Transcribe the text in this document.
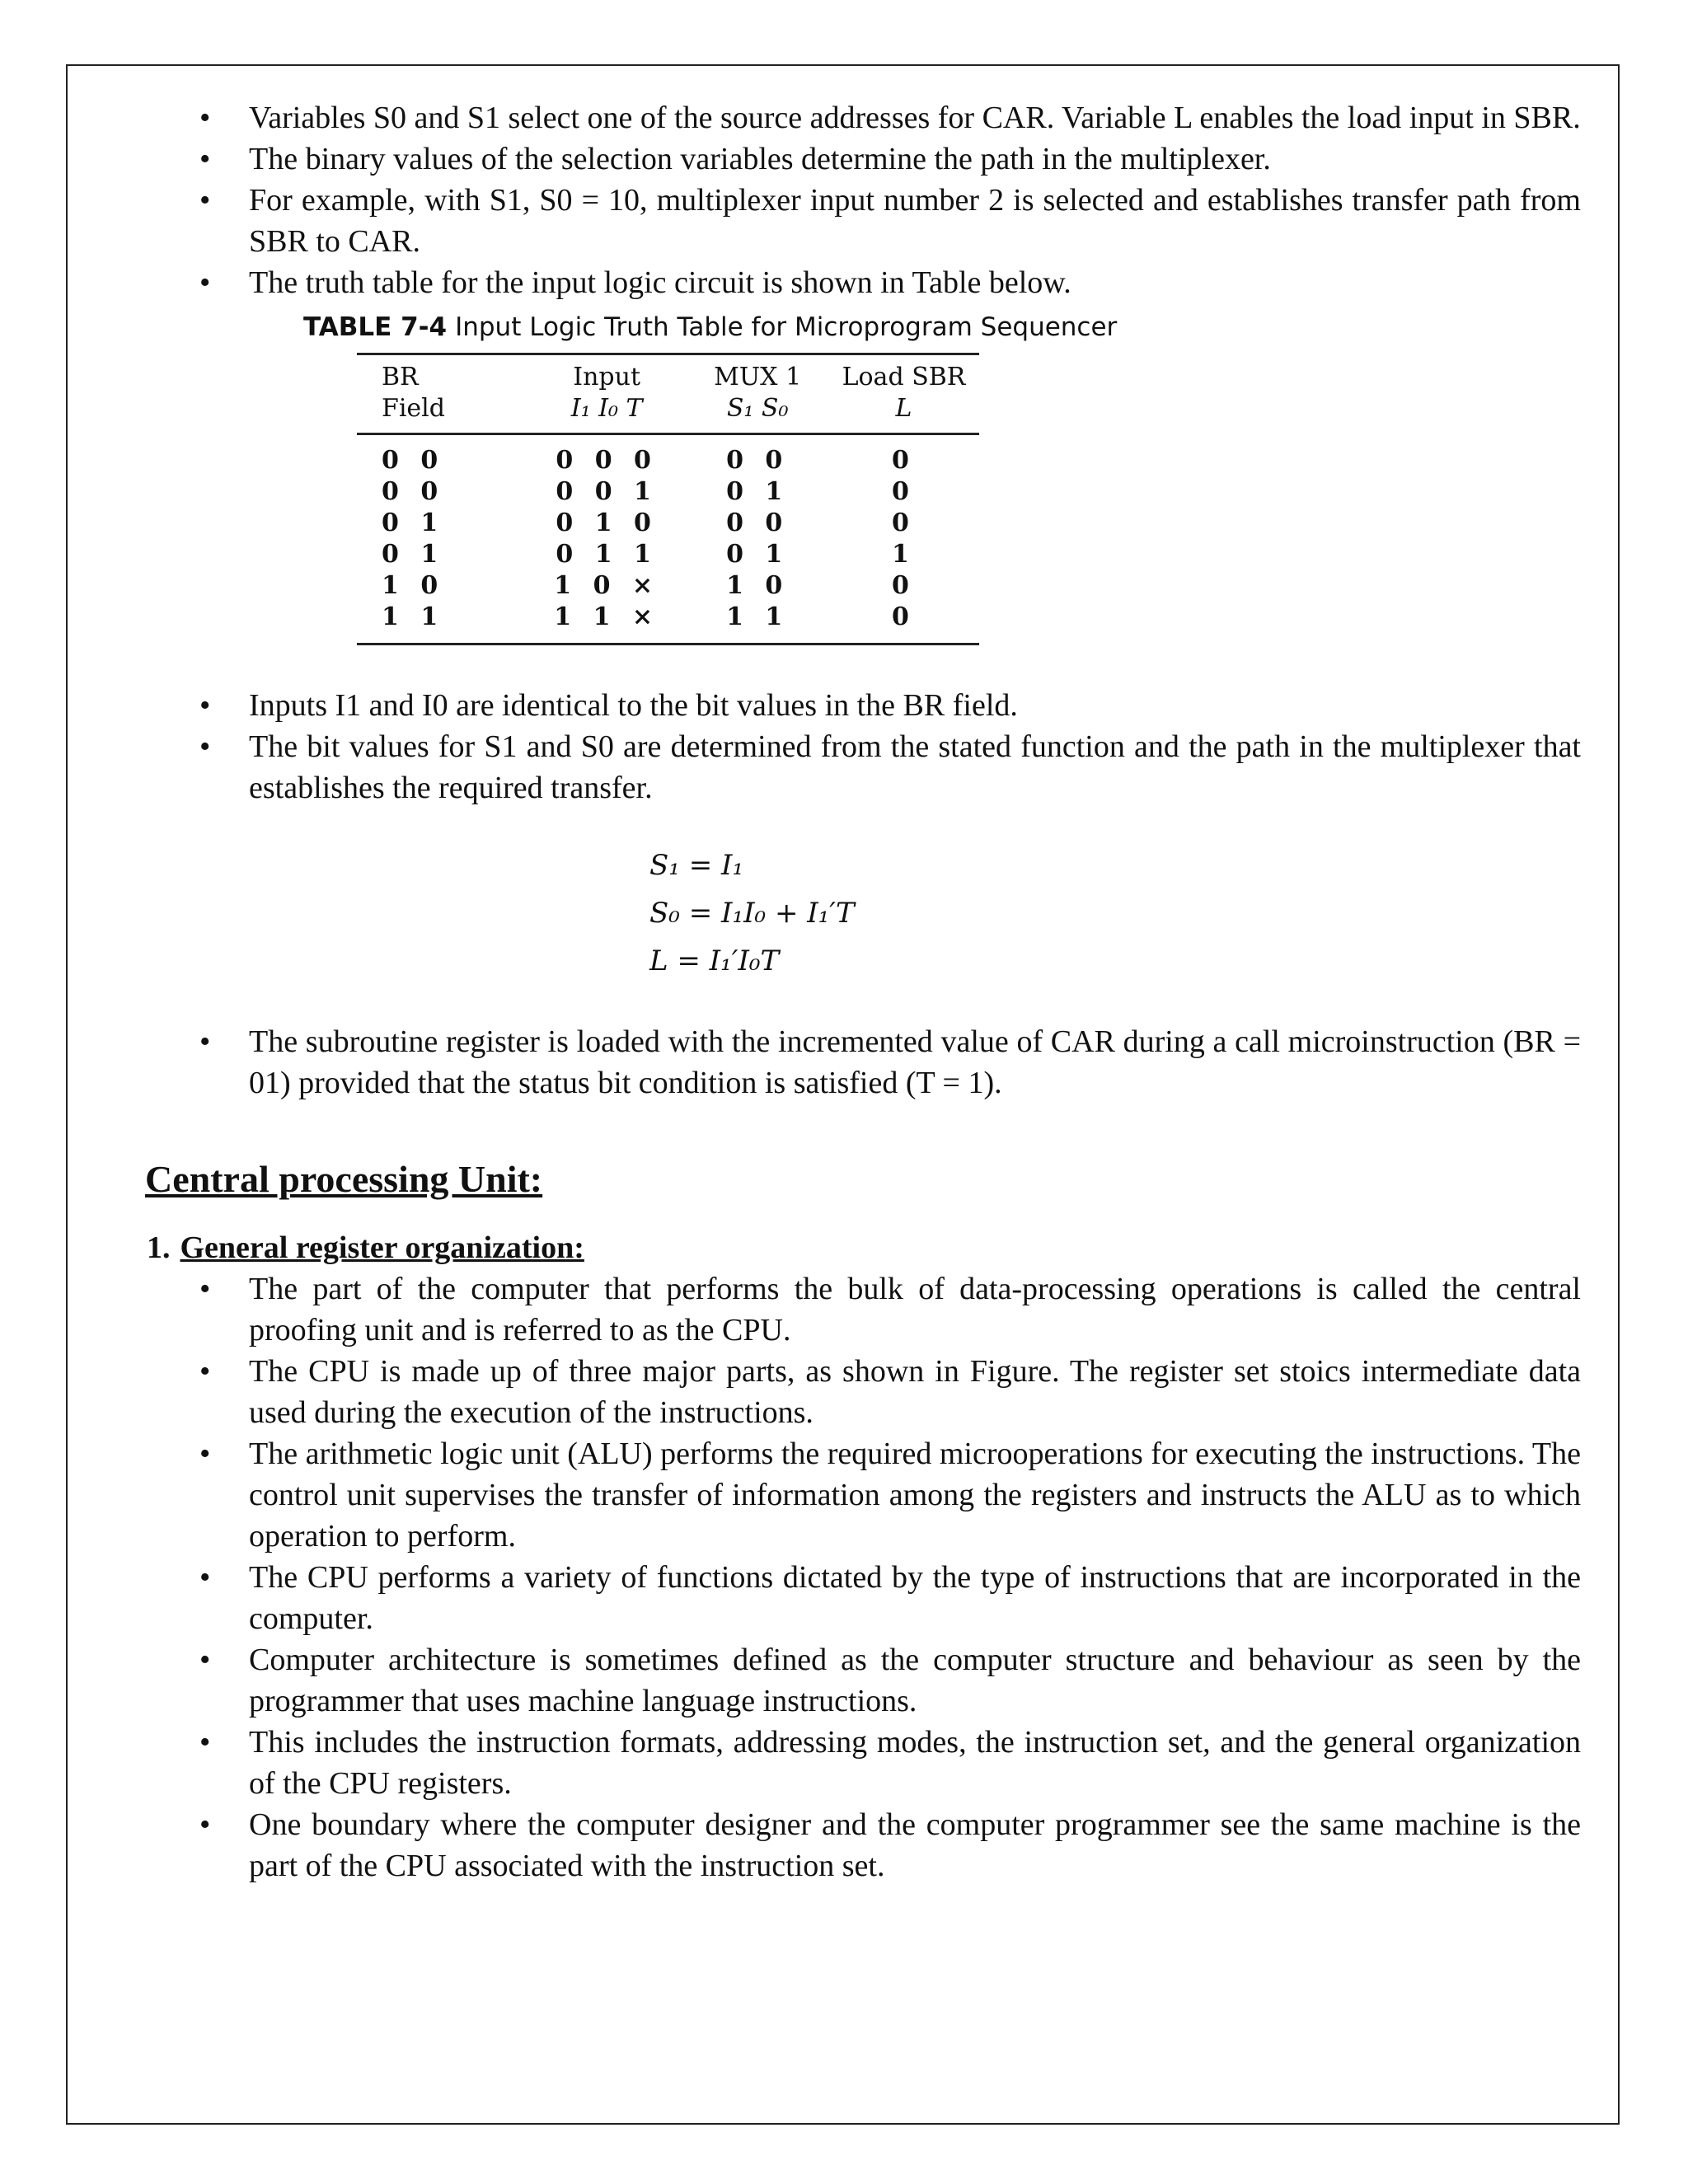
• Variables S0 and S1 select one of the source addresses for CAR. Variable L enables the load input in SBR.
• The binary values of the selection variables determine the path in the multiplexer.
• For example, with S1, S0 = 10, multiplexer input number 2 is selected and establishes transfer path from SBR to CAR.
• The truth table for the input logic circuit is shown in Table below.
TABLE 7-4 Input Logic Truth Table for Microprogram Sequencer

BR	Input	MUX 1	Load SBR
Field	I₁ I₀ T	S₁ S₀	L
0 0	0 0 0	0 0	0
0 0	0 0 1	0 1	0
0 1	0 1 0	0 0	0
0 1	0 1 1	0 1	1
1 0	1 0 ×	1 0	0
1 1	1 1 ×	1 1	0
• Inputs I1 and I0 are identical to the bit values in the BR field.
• The bit values for S1 and S0 are determined from the stated function and the path in the multiplexer that establishes the required transfer.
S₁ = I₁
S₀ = I₁I₀ + I₁′T
L = I₁′I₀T
• The subroutine register is loaded with the incremented value of CAR during a call microinstruction (BR = 01) provided that the status bit condition is satisfied (T = 1).
Central processing Unit:
1. General register organization:
• The part of the computer that performs the bulk of data-processing operations is called the central proofing unit and is referred to as the CPU.
• The CPU is made up of three major parts, as shown in Figure. The register set stoics intermediate data used during the execution of the instructions.
• The arithmetic logic unit (ALU) performs the required microoperations for executing the instructions. The control unit supervises the transfer of information among the registers and instructs the ALU as to which operation to perform.
• The CPU performs a variety of functions dictated by the type of instructions that are incorporated in the computer.
• Computer architecture is sometimes defined as the computer structure and behaviour as seen by the programmer that uses machine language instructions.
• This includes the instruction formats, addressing modes, the instruction set, and the general organization of the CPU registers.
• One boundary where the computer designer and the computer programmer see the same machine is the part of the CPU associated with the instruction set.
